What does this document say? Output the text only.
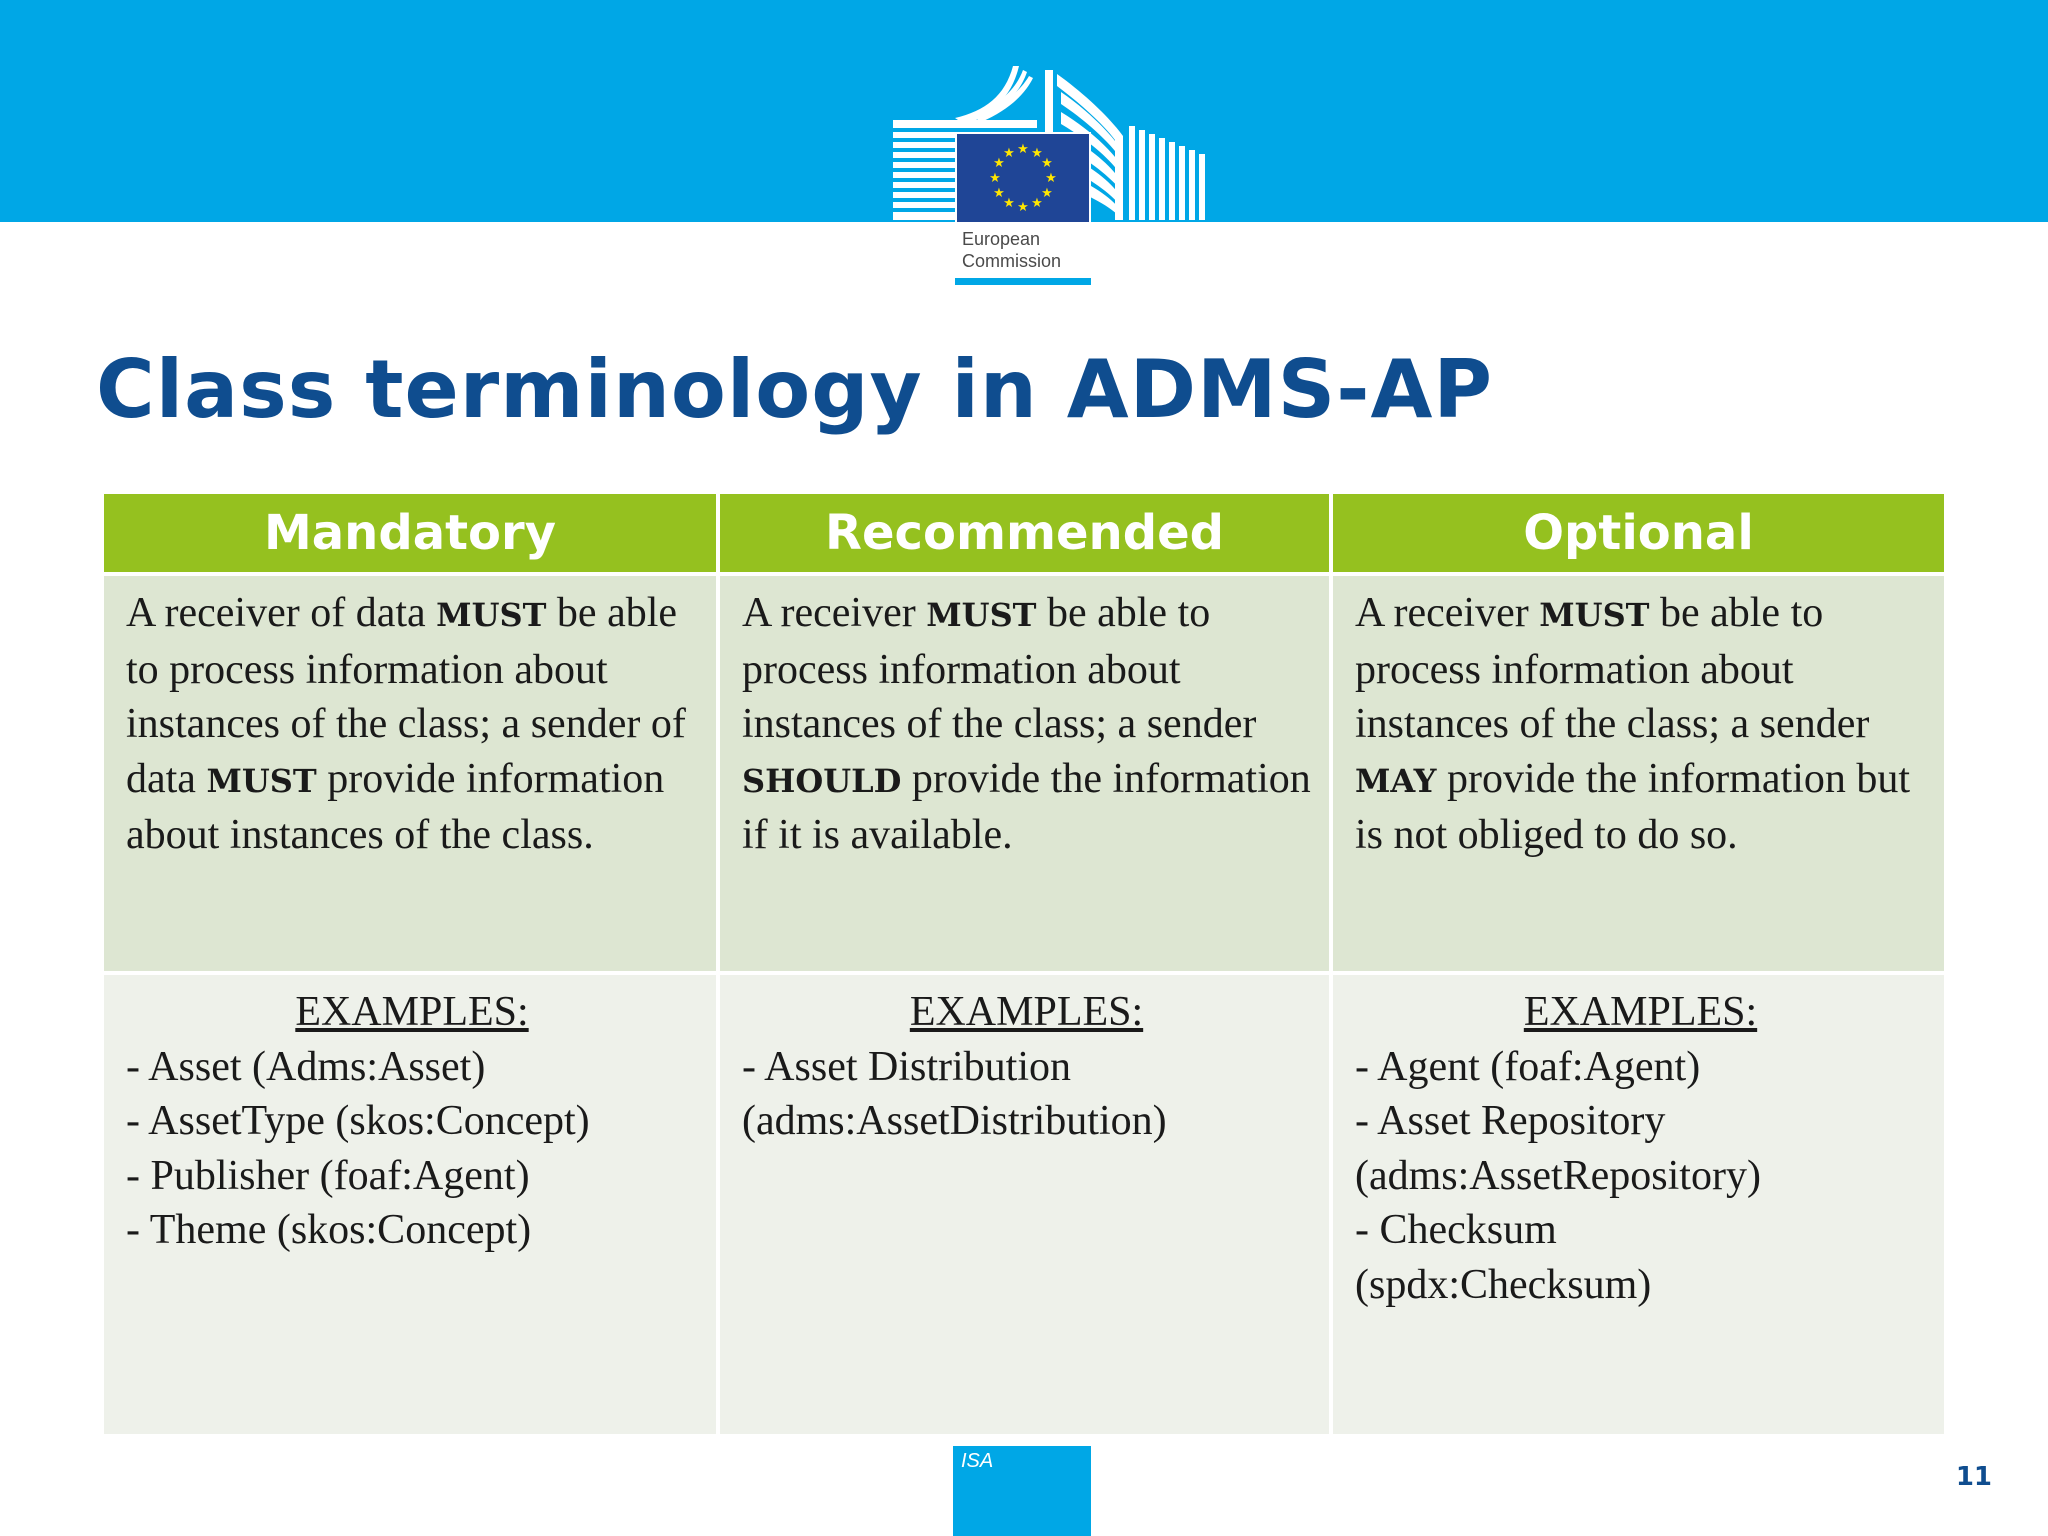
★ ★
★
★
★
★
★
★
★
★
★
★
European
Commission
Class terminology in ADMS-AP
Mandatory	Recommended	Optional
A receiver of data MUST be able to process information about instances of the class; a sender of data MUST provide information about instances of the class.
A receiver MUST be able to process information about instances of the class; a sender SHOULD provide the information if it is available.
A receiver MUST be able to process information about instances of the class; a sender MAY provide the information but is not obliged to do so.
EXAMPLES:
- Asset (Adms:Asset)
- AssetType (skos:Concept)
- Publisher (foaf:Agent)
- Theme (skos:Concept)
EXAMPLES:
- Asset Distribution
(adms:AssetDistribution)
EXAMPLES:
- Agent (foaf:Agent)
- Asset Repository
(adms:AssetRepository)
- Checksum
(spdx:Checksum)
ISA
11
